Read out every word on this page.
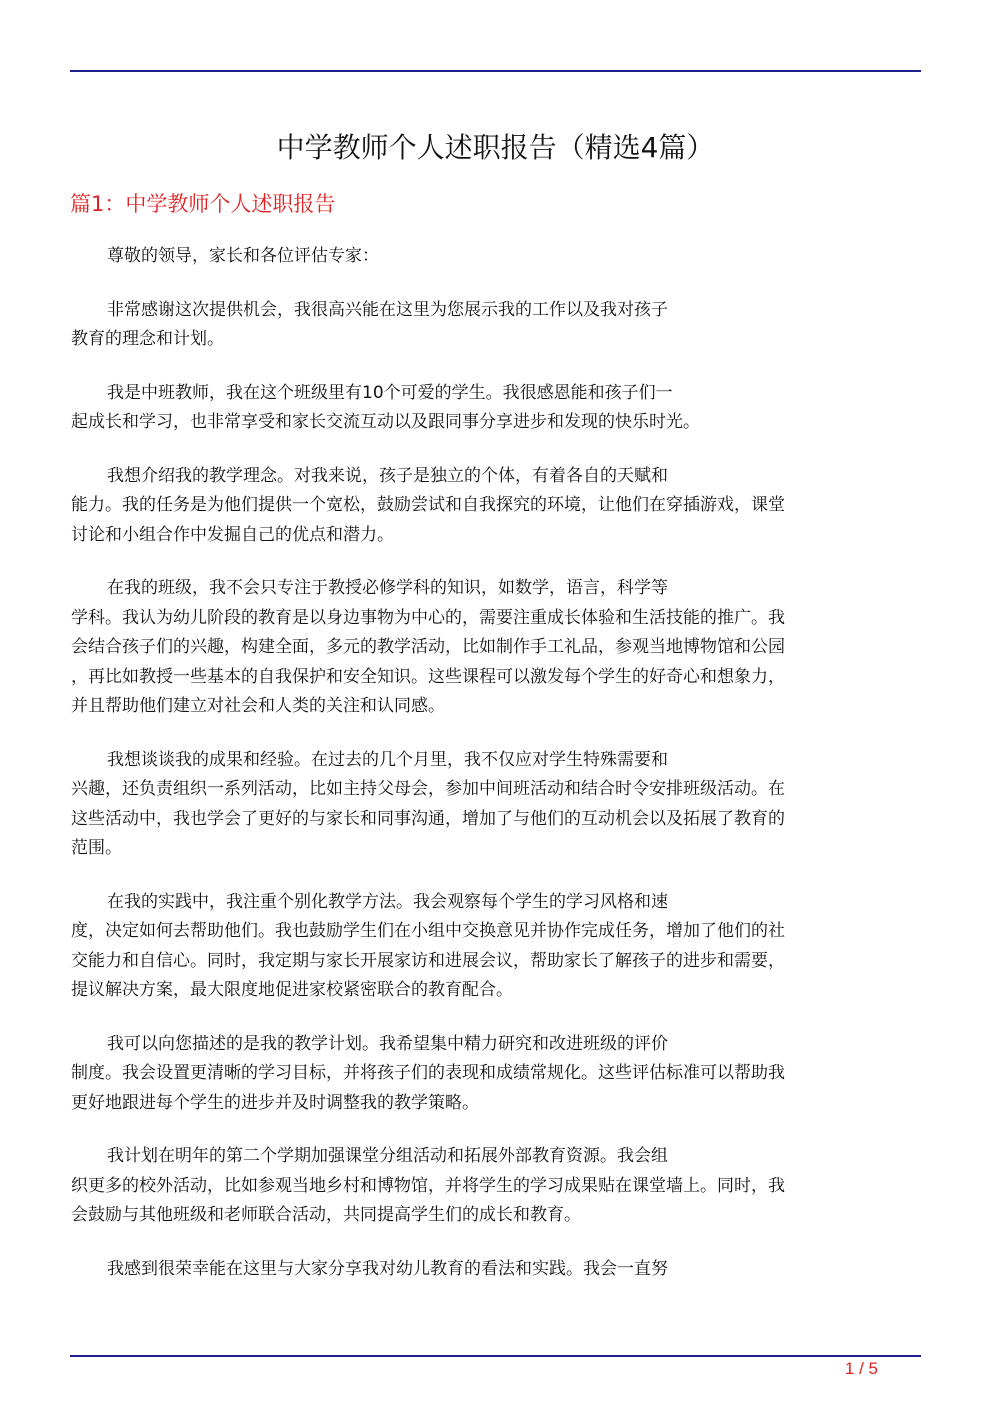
中学教师个人述职报告（精选4篇）
篇1：中学教师个人述职报告

尊敬的领导，家长和各位评估专家：

非常感谢这次提供机会，我很高兴能在这里为您展示我的工作以及我对孩子
教育的理念和计划。

我是中班教师，我在这个班级里有10个可爱的学生。我很感恩能和孩子们一
起成长和学习，也非常享受和家长交流互动以及跟同事分享进步和发现的快乐时光。

我想介绍我的教学理念。对我来说，孩子是独立的个体，有着各自的天赋和
能力。我的任务是为他们提供一个宽松，鼓励尝试和自我探究的环境，让他们在穿插游戏，课堂
讨论和小组合作中发掘自己的优点和潜力。

在我的班级，我不会只专注于教授必修学科的知识，如数学，语言，科学等
学科。我认为幼儿阶段的教育是以身边事物为中心的，需要注重成长体验和生活技能的推广。我
会结合孩子们的兴趣，构建全面，多元的教学活动，比如制作手工礼品，参观当地博物馆和公园
，再比如教授一些基本的自我保护和安全知识。这些课程可以激发每个学生的好奇心和想象力，
并且帮助他们建立对社会和人类的关注和认同感。

我想谈谈我的成果和经验。在过去的几个月里，我不仅应对学生特殊需要和
兴趣，还负责组织一系列活动，比如主持父母会，参加中间班活动和结合时令安排班级活动。在
这些活动中，我也学会了更好的与家长和同事沟通，增加了与他们的互动机会以及拓展了教育的
范围。

在我的实践中，我注重个别化教学方法。我会观察每个学生的学习风格和速
度，决定如何去帮助他们。我也鼓励学生们在小组中交换意见并协作完成任务，增加了他们的社
交能力和自信心。同时，我定期与家长开展家访和进展会议，帮助家长了解孩子的进步和需要，
提议解决方案，最大限度地促进家校紧密联合的教育配合。

我可以向您描述的是我的教学计划。我希望集中精力研究和改进班级的评价
制度。我会设置更清晰的学习目标，并将孩子们的表现和成绩常规化。这些评估标准可以帮助我
更好地跟进每个学生的进步并及时调整我的教学策略。

我计划在明年的第二个学期加强课堂分组活动和拓展外部教育资源。我会组
织更多的校外活动，比如参观当地乡村和博物馆，并将学生的学习成果贴在课堂墙上。同时，我
会鼓励与其他班级和老师联合活动，共同提高学生们的成长和教育。

我感到很荣幸能在这里与大家分享我对幼儿教育的看法和实践。我会一直努

1 / 5
